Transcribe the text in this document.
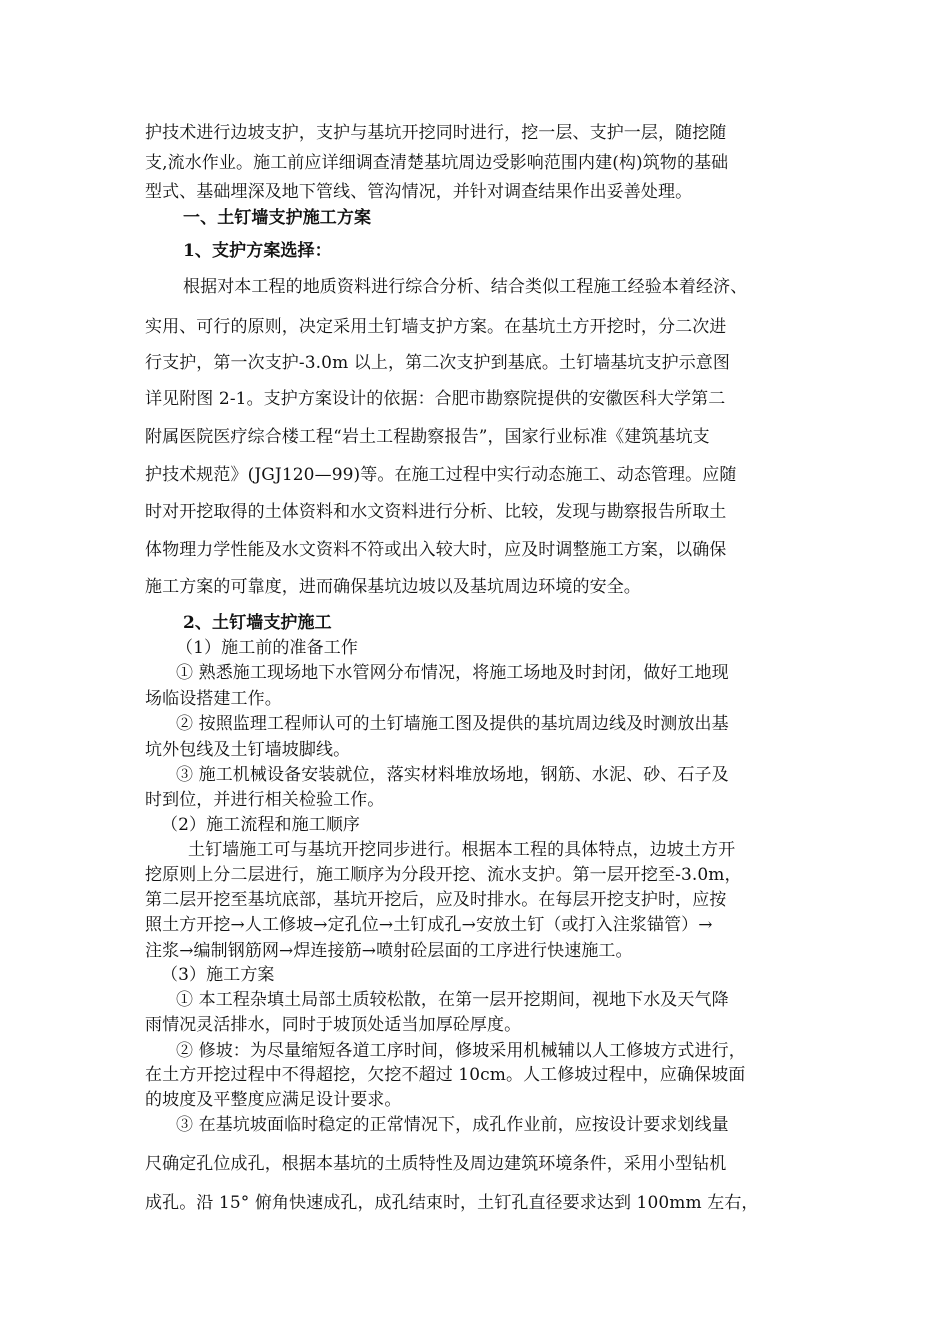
护技术进行边坡支护，支护与基坑开挖同时进行，挖一层、支护一层，随挖随
支,流水作业。施工前应详细调查清楚基坑周边受影响范围内建(构)筑物的基础
型式、基础埋深及地下管线、管沟情况，并针对调查结果作出妥善处理。
一、土钉墙支护施工方案
1、支护方案选择：
根据对本工程的地质资料进行综合分析、结合类似工程施工经验本着经济、
实用、可行的原则，决定采用土钉墙支护方案。在基坑土方开挖时，分二次进
行支护，第一次支护-3.0m 以上，第二次支护到基底。土钉墙基坑支护示意图
详见附图 2-1。支护方案设计的依据：合肥市勘察院提供的安徽医科大学第二
附属医院医疗综合楼工程“岩土工程勘察报告”，国家行业标准《建筑基坑支
护技术规范》(JGJ120—99)等。在施工过程中实行动态施工、动态管理。应随
时对开挖取得的土体资料和水文资料进行分析、比较，发现与勘察报告所取土
体物理力学性能及水文资料不符或出入较大时，应及时调整施工方案，以确保
施工方案的可靠度，进而确保基坑边坡以及基坑周边环境的安全。
2、土钉墙支护施工
（1）施工前的准备工作
① 熟悉施工现场地下水管网分布情况，将施工场地及时封闭，做好工地现
场临设搭建工作。
② 按照监理工程师认可的土钉墙施工图及提供的基坑周边线及时测放出基
坑外包线及土钉墙坡脚线。
③ 施工机械设备安装就位，落实材料堆放场地，钢筋、水泥、砂、石子及
时到位，并进行相关检验工作。
（2）施工流程和施工顺序
土钉墙施工可与基坑开挖同步进行。根据本工程的具体特点，边坡土方开
挖原则上分二层进行，施工顺序为分段开挖、流水支护。第一层开挖至-3.0m，
第二层开挖至基坑底部，基坑开挖后，应及时排水。在每层开挖支护时，应按
照土方开挖→人工修坡→定孔位→土钉成孔→安放土钉（或打入注浆锚管）→
注浆→编制钢筋网→焊连接筋→喷射砼层面的工序进行快速施工。
（3）施工方案
① 本工程杂填土局部土质较松散，在第一层开挖期间，视地下水及天气降
雨情况灵活排水，同时于坡顶处适当加厚砼厚度。
② 修坡：为尽量缩短各道工序时间，修坡采用机械辅以人工修坡方式进行，
在土方开挖过程中不得超挖，欠挖不超过 10cm。人工修坡过程中，应确保坡面
的坡度及平整度应满足设计要求。
③ 在基坑坡面临时稳定的正常情况下，成孔作业前，应按设计要求划线量
尺确定孔位成孔，根据本基坑的土质特性及周边建筑环境条件，采用小型钻机
成孔。沿 15° 俯角快速成孔，成孔结束时，土钉孔直径要求达到 100mm 左右，
